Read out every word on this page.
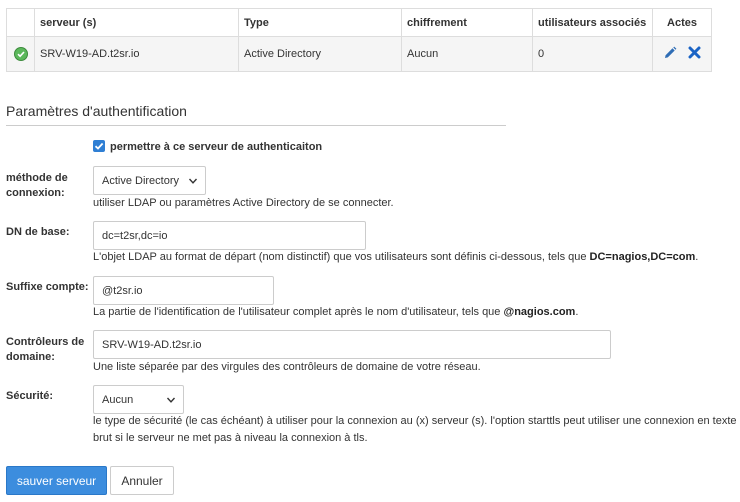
	serveur (s)	Type	chiffrement	utilisateurs associés	Actes

	SRV-W19-AD.t2sr.io	Active Directory	Aucun	0	
Paramètres d'authentification
permettre à ce serveur de authenticaiton
méthode de connexion:
Active Directory
utiliser LDAP ou paramètres Active Directory de se connecter.
DN de base:	dc=t2sr,dc=io
L'objet LDAP au format de départ (nom distinctif) que vos utilisateurs sont définis ci-dessous, tels que DC=nagios,DC=com.
Suffixe compte: @t2sr.io
La partie de l'identification de l'utilisateur complet après le nom d'utilisateur, tels que @nagios.com.
Contrôleurs de domaine:
SRV-W19-AD.t2sr.io
Une liste séparée par des virgules des contrôleurs de domaine de votre réseau.
Sécurité:	Aucun
le type de sécurité (le cas échéant) à utiliser pour la connexion au (x) serveur (s). l'option starttls peut utiliser une connexion en texte
brut si le serveur ne met pas à niveau la connexion à tls.
sauver serveur	Annuler
